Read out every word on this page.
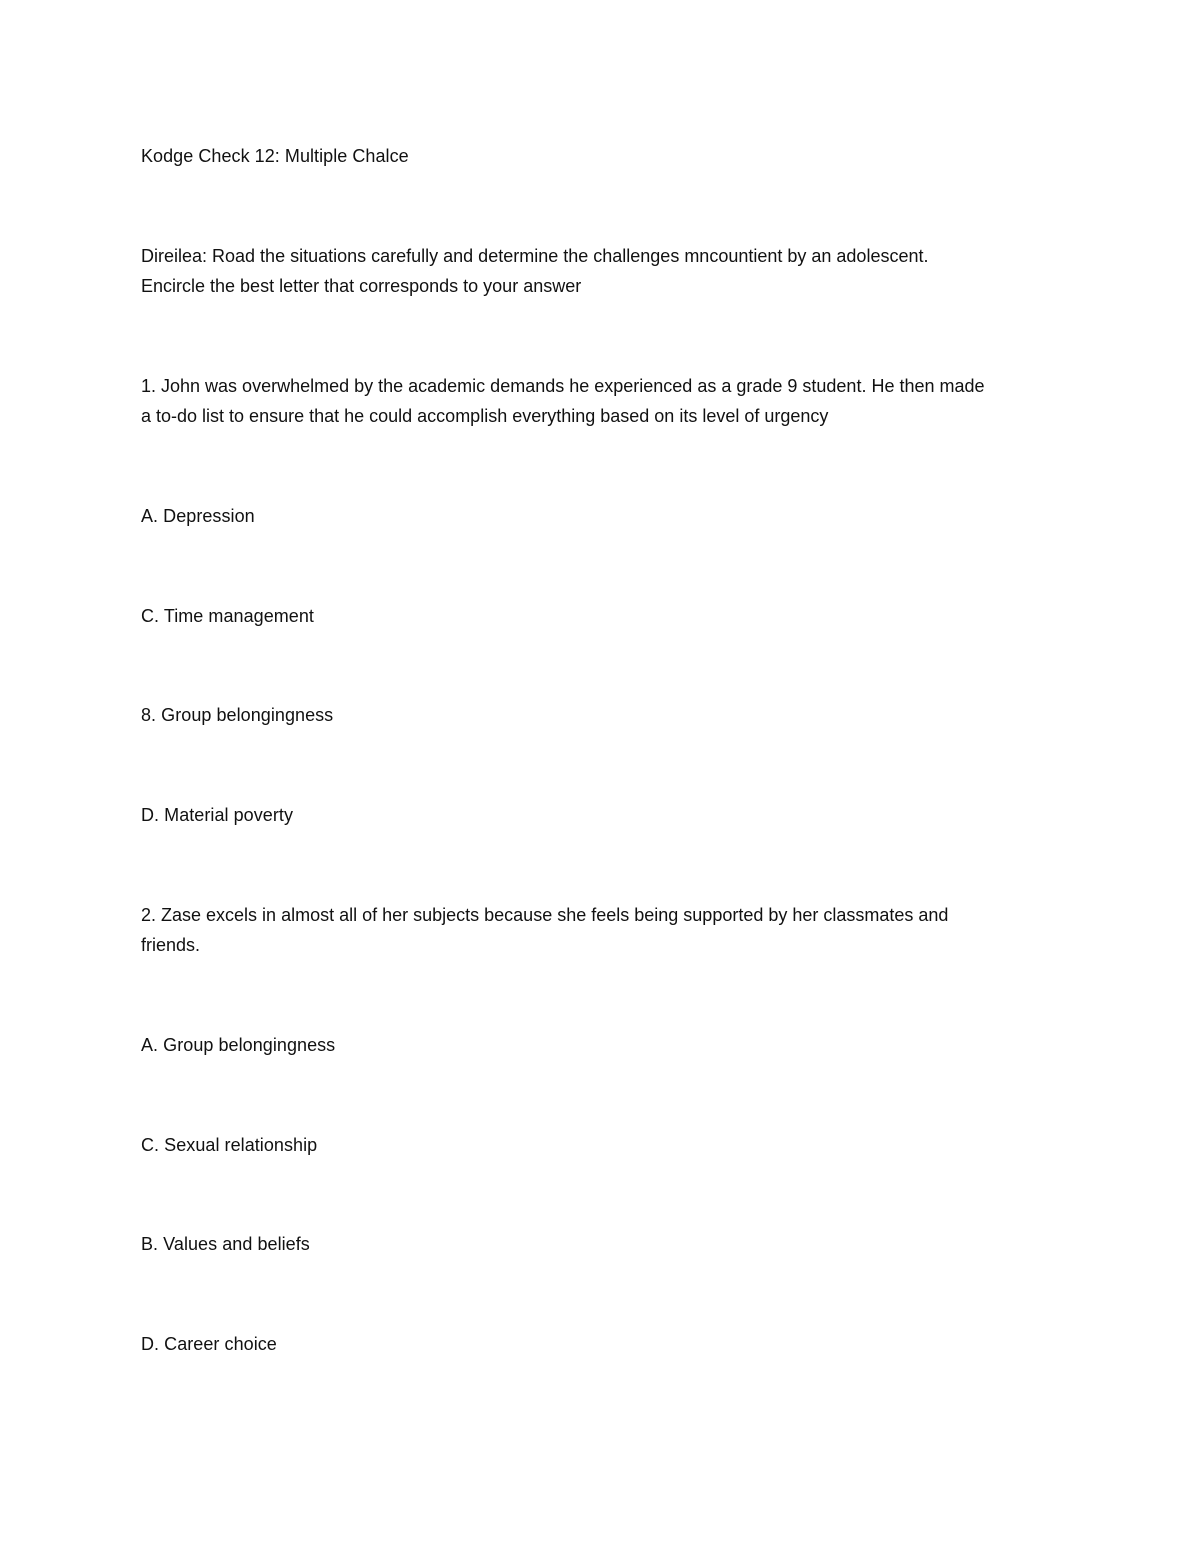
Kodge Check 12: Multiple Chalce
Direilea: Road the situations carefully and determine the challenges mncountient by an adolescent.
Encircle the best letter that corresponds to your answer
1. John was overwhelmed by the academic demands he experienced as a grade 9 student. He then made
a to-do list to ensure that he could accomplish everything based on its level of urgency
A. Depression
C. Time management
8. Group belongingness
D. Material poverty
2. Zase excels in almost all of her subjects because she feels being supported by her classmates and
friends.
A. Group belongingness
C. Sexual relationship
B. Values and beliefs
D. Career choice
